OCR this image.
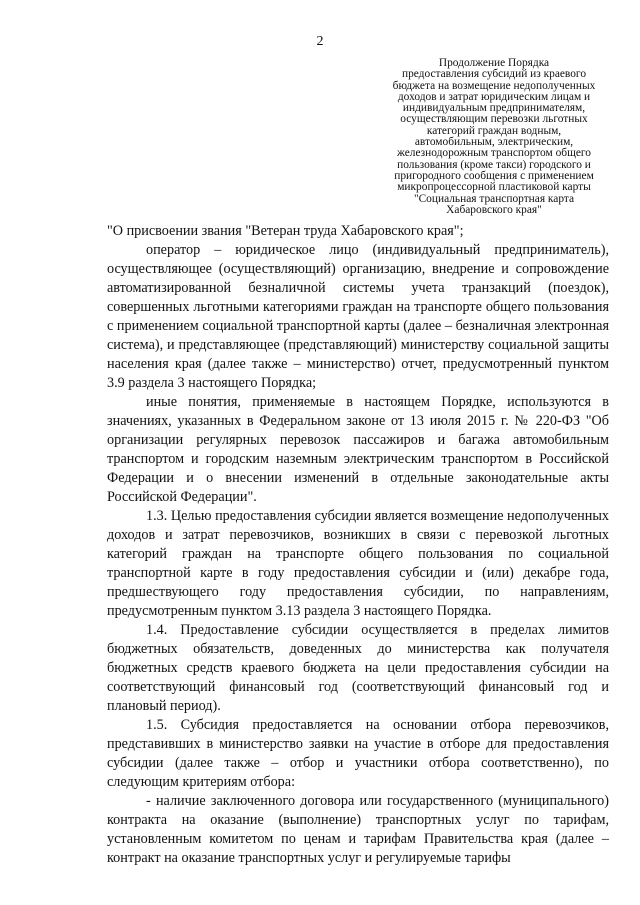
2
Продолжение Порядка
предоставления субсидий из краевого
бюджета на возмещение недополученных
доходов и затрат юридическим лицам и
индивидуальным предпринимателям,
осуществляющим перевозки льготных
категорий граждан водным,
автомобильным, электрическим,
железнодорожным транспортом общего
пользования (кроме такси) городского и
пригородного сообщения с применением
микропроцессорной пластиковой карты
"Социальная транспортная карта
Хабаровского края"

"О присвоении звания "Ветеран труда Хабаровского края";

оператор – юридическое лицо (индивидуальный предприниматель), осуществляющее (осуществляющий) организацию, внедрение и сопровождение автоматизированной безналичной системы учета транзакций (поездок), совершенных льготными категориями граждан на транспорте общего пользования с применением социальной транспортной карты (далее – безналичная электронная система), и представляющее (представляющий) министерству социальной защиты населения края (далее также – министерство) отчет, предусмотренный пунктом 3.9 раздела 3 настоящего Порядка;

иные понятия, применяемые в настоящем Порядке, используются в значениях, указанных в Федеральном законе от 13 июля 2015 г. № 220-ФЗ "Об организации регулярных перевозок пассажиров и багажа автомобильным транспортом и городским наземным электрическим транспортом в Российской Федерации и о внесении изменений в отдельные законодательные акты Российской Федерации".

1.3. Целью предоставления субсидии является возмещение недополученных доходов и затрат перевозчиков, возникших в связи с перевозкой льготных категорий граждан на транспорте общего пользования по социальной транспортной карте в году предоставления субсидии и (или) декабре года, предшествующего году предоставления субсидии, по направлениям, предусмотренным пунктом 3.13 раздела 3 настоящего Порядка.

1.4. Предоставление субсидии осуществляется в пределах лимитов бюджетных обязательств, доведенных до министерства как получателя бюджетных средств краевого бюджета на цели предоставления субсидии на соответствующий финансовый год (соответствующий финансовый год и плановый период).

1.5. Субсидия предоставляется на основании отбора перевозчиков, представивших в министерство заявки на участие в отборе для предоставления субсидии (далее также – отбор и участники отбора соответственно), по следующим критериям отбора:

- наличие заключенного договора или государственного (муниципального) контракта на оказание (выполнение) транспортных услуг по тарифам, установленным комитетом по ценам и тарифам Правительства края (далее – контракт на оказание транспортных услуг и регулируемые тарифы
